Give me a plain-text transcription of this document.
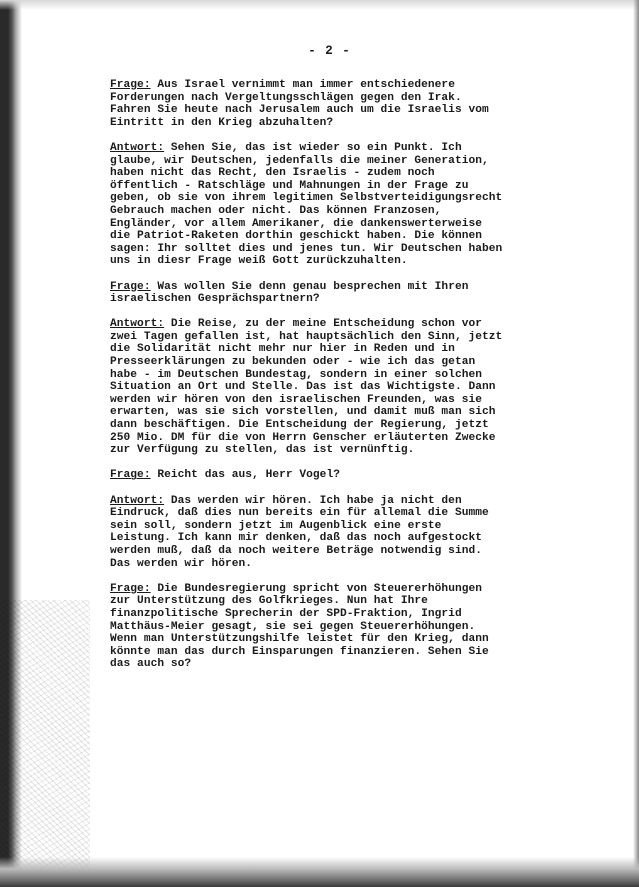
- 2 -
Frage: Aus Israel vernimmt man immer entschiedenere
Forderungen nach Vergeltungsschlägen gegen den Irak.
Fahren Sie heute nach Jerusalem auch um die Israelis vom
Eintritt in den Krieg abzuhalten?
Antwort: Sehen Sie, das ist wieder so ein Punkt. Ich
glaube, wir Deutschen, jedenfalls die meiner Generation,
haben nicht das Recht, den Israelis - zudem noch
öffentlich - Ratschläge und Mahnungen in der Frage zu
geben, ob sie von ihrem legitimen Selbstverteidigungsrecht
Gebrauch machen oder nicht. Das können Franzosen,
Engländer, vor allem Amerikaner, die dankenswerterweise
die Patriot-Raketen dorthin geschickt haben. Die können
sagen: Ihr solltet dies und jenes tun. Wir Deutschen haben
uns in diesr Frage weiß Gott zurückzuhalten.
Frage: Was wollen Sie denn genau besprechen mit Ihren
israelischen Gesprächspartnern?
Antwort: Die Reise, zu der meine Entscheidung schon vor
zwei Tagen gefallen ist, hat hauptsächlich den Sinn, jetzt
die Solidarität nicht mehr nur hier in Reden und in
Presseerklärungen zu bekunden oder - wie ich das getan
habe - im Deutschen Bundestag, sondern in einer solchen
Situation an Ort und Stelle. Das ist das Wichtigste. Dann
werden wir hören von den israelischen Freunden, was sie
erwarten, was sie sich vorstellen, und damit muß man sich
dann beschäftigen. Die Entscheidung der Regierung, jetzt
250 Mio. DM für die von Herrn Genscher erläuterten Zwecke
zur Verfügung zu stellen, das ist vernünftig.
Frage: Reicht das aus, Herr Vogel?
Antwort: Das werden wir hören. Ich habe ja nicht den
Eindruck, daß dies nun bereits ein für allemal die Summe
sein soll, sondern jetzt im Augenblick eine erste
Leistung. Ich kann mir denken, daß das noch aufgestockt
werden muß, daß da noch weitere Beträge notwendig sind.
Das werden wir hören.
Frage: Die Bundesregierung spricht von Steuererhöhungen
zur Unterstützung des Golfkrieges. Nun hat Ihre
finanzpolitische Sprecherin der SPD-Fraktion, Ingrid
Matthäus-Meier gesagt, sie sei gegen Steuererhöhungen.
Wenn man Unterstützungshilfe leistet für den Krieg, dann
könnte man das durch Einsparungen finanzieren. Sehen Sie
das auch so?
